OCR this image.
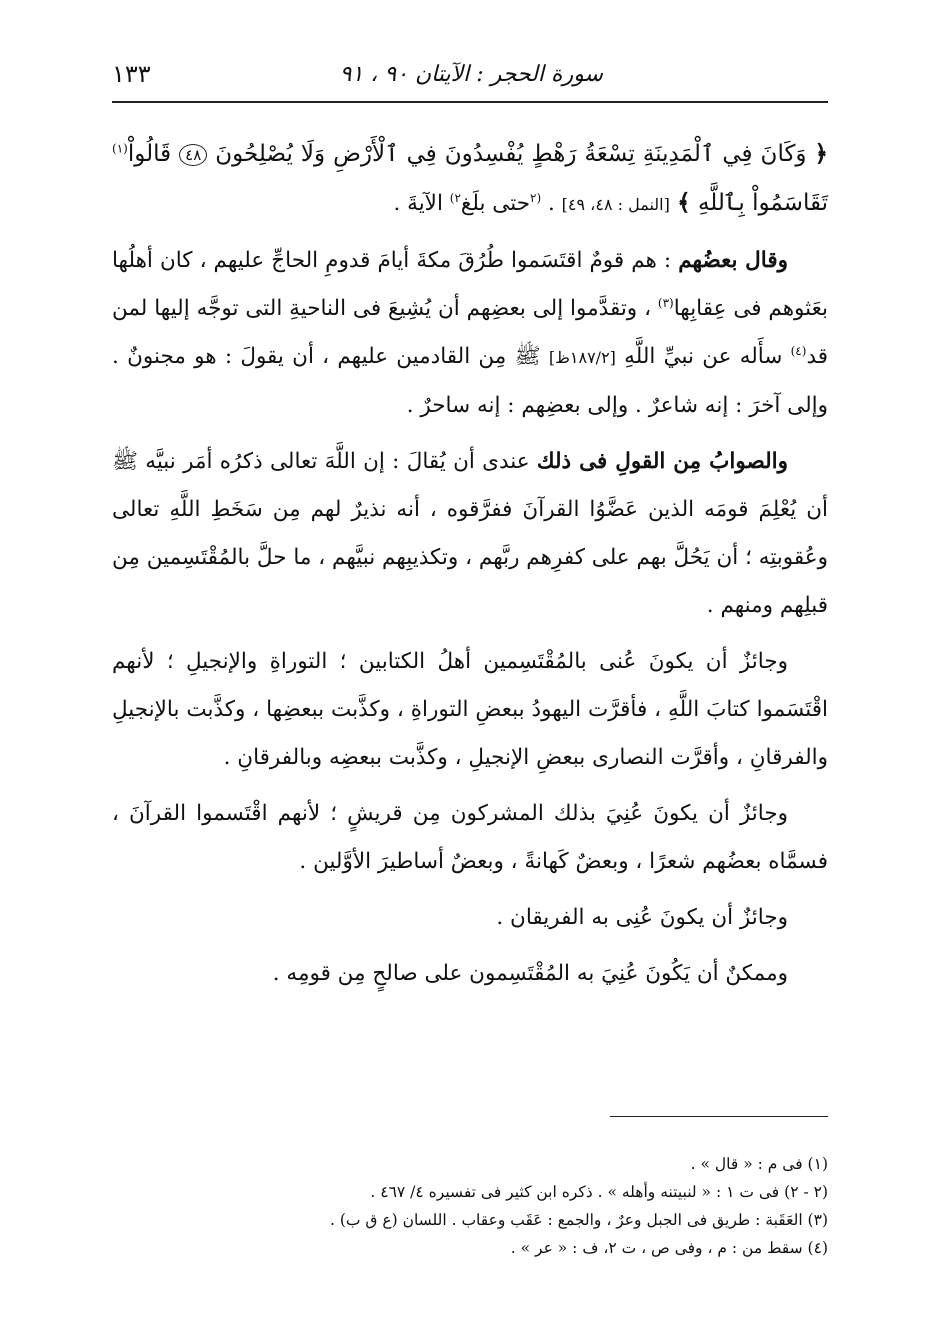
سورة الحجر : الآيتان ٩٠ ، ٩١
١٣٣

﴿ وَكَانَ فِي ٱلْمَدِينَةِ تِسْعَةُ رَهْطٍ يُفْسِدُونَ فِي ٱلْأَرْضِ وَلَا يُصْلِحُونَ ٤٨ قَالُواْ$^{(١)}$ تَقَاسَمُواْ بِٱللَّهِ ﴾ [النمل : ٤٨، ٤٩] . $^{(٢}$حتى بلَغ$^{٢)}$ الآيةَ .

وقال بعضُهم : هم قومٌ اقتَسَموا طُرُقَ مكةَ أيامَ قدومِ الحاجِّ عليهم ، كان أهلُها بعَثوهم فى عِقابِها$^{(٣)}$ ، وتقدَّموا إلى بعضِهم أن يُشِيعَ فى الناحيةِ التى توجَّه إليها لمن قد$^{(٤)}$ سأَله عن نبيِّ اللَّهِ [١٨٧/٢ظ] ﷺ مِن القادمين عليهم ، أن يقولَ : هو مجنونٌ . وإلى آخرَ : إنه شاعرٌ . وإلى بعضِهم : إنه ساحرٌ .

والصوابُ مِن القولِ فى ذلك عندى أن يُقالَ : إن اللَّهَ تعالى ذكرُه أمَر نبيَّه ﷺ أن يُعْلِمَ قومَه الذين عَضَّوُا القرآنَ ففرَّقوه ، أنه نذيرٌ لهم مِن سَخَطِ اللَّهِ تعالى وعُقوبتِه ؛ أن يَحُلَّ بهم على كفرِهم ربَّهم ، وتكذيبِهم نبيَّهم ، ما حلَّ بالمُقْتَسِمين مِن قبلِهم ومنهم .

وجائزٌ أن يكونَ عُنى بالمُقْتَسِمين أهلُ الكتابين ؛ التوراةِ والإنجيلِ ؛ لأنهم اقْتَسَموا كتابَ اللَّهِ ، فأقرَّت اليهودُ ببعضِ التوراةِ ، وكذَّبت ببعضِها ، وكذَّبت بالإنجيلِ والفرقانِ ، وأقرَّت النصارى ببعضِ الإنجيلِ ، وكذَّبت ببعضِه وبالفرقانِ .

وجائزٌ أن يكونَ عُنِيَ بذلك المشركون مِن قريشٍ ؛ لأنهم اقْتَسموا القرآنَ ، فسمَّاه بعضُهم شعرًا ، وبعضٌ كَهانةً ، وبعضٌ أساطيرَ الأوَّلين .

وجائزٌ أن يكونَ عُنِى به الفريقان .

وممكنٌ أن يَكُونَ عُنِيَ به المُقْتَسِمون على صالحٍ مِن قومِه .

(١) فى م : « قال » .
(٢ - ٢) فى ت ١ : « لنبيتنه وأهله » . ذكره ابن كثير فى تفسيره ٤/ ٤٦٧ .
(٣) العَقَبة : طريق فى الجبل وعرٌ ، والجمع : عَقَب وعقاب . اللسان (ع ق ب) .
(٤) سقط من : م ، وفى ص ، ت ٢، ف : « عر » .
